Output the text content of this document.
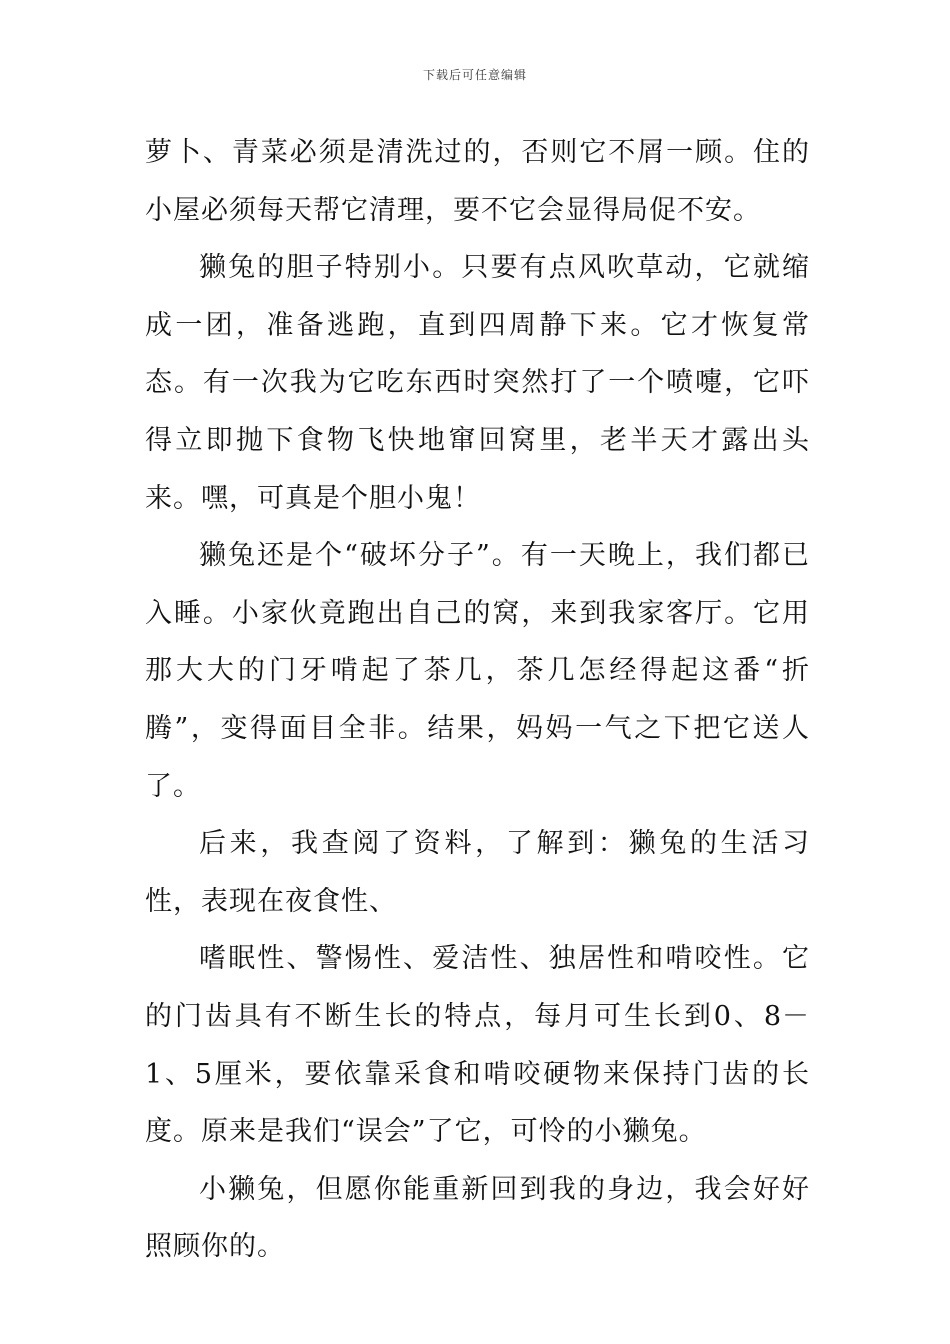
下载后可任意编辑

萝卜、青菜必须是清洗过的，否则它不屑一顾。住的小屋必须每天帮它清理，要不它会显得局促不安。

獭兔的胆子特别小。只要有点风吹草动，它就缩成一团，准备逃跑，直到四周静下来。它才恢复常态。有一次我为它吃东西时突然打了一个喷嚏，它吓得立即抛下食物飞快地窜回窝里，老半天才露出头来。嘿，可真是个胆小鬼！

獭兔还是个“破坏分子”。有一天晚上，我们都已入睡。小家伙竟跑出自己的窝，来到我家客厅。它用那大大的门牙啃起了茶几，茶几怎经得起这番“折腾”，变得面目全非。结果，妈妈一气之下把它送人了。

后来，我查阅了资料，了解到：獭兔的生活习性，表现在夜食性、

嗜眠性、警惕性、爱洁性、独居性和啃咬性。它的门齿具有不断生长的特点，每月可生长到0、8－1、5厘米，要依靠采食和啃咬硬物来保持门齿的长度。原来是我们“误会”了它，可怜的小獭兔。

小獭兔，但愿你能重新回到我的身边，我会好好照顾你的。
